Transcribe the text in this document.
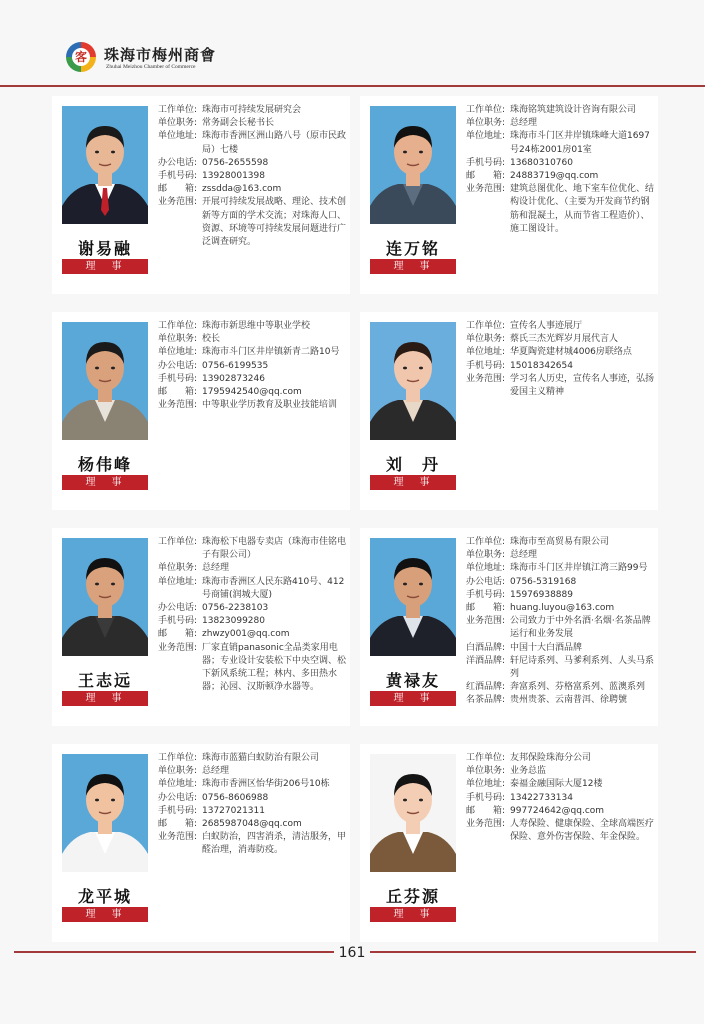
客 珠海市梅州商會
Zhuhai Meizhou Chamber of Commerce
谢易融
理　事
工作单位: 珠海市可持续发展研究会
单位职务: 常务副会长秘书长
单位地址: 珠海市香洲区洲山路八号（原市民政局）七楼
办公电话: 0756-2655598
手机号码: 13928001398
邮　　箱: zssdda@163.com
业务范围: 开展可持续发展战略、理论、技术创新等方面的学术交流；对珠海人口、资源、环境等可持续发展问题进行广泛调查研究。	连万铭
理　事
工作单位: 珠海铭筑建筑设计咨询有限公司
单位职务: 总经理
单位地址: 珠海市斗门区井岸镇珠峰大道1697号24栋2001房01室
手机号码: 13680310760
邮　　箱: 24883719@qq.com
业务范围: 建筑总图优化、地下室车位优化、结构设计优化、（主要为开发商节约钢筋和混凝土，从而节省工程造价）、施工图设计。
杨伟峰
理　事
工作单位: 珠海市新思维中等职业学校
单位职务: 校长
单位地址: 珠海市斗门区井岸镇新青二路10号
办公电话: 0756-6199535
手机号码: 13902873246
邮　　箱: 1795942540@qq.com
业务范围: 中等职业学历教育及职业技能培训
刘　丹
理　事
工作单位: 宣传名人事迹展厅
单位职务: 蔡氏三杰光辉岁月展代言人
单位地址: 华夏陶瓷建材城4006房联络点
手机号码: 15018342654
业务范围: 学习名人历史，宣传名人事迹，弘扬爱国主义精神
王志远
理　事
工作单位: 珠海松下电器专卖店（珠海市佳铭电子有限公司）
单位职务: 总经理
单位地址: 珠海市香洲区人民东路410号、412号商铺(润城大厦)
办公电话: 0756-2238103
手机号码: 13823099280
邮　　箱: zhwzy001@qq.com
业务范围: 厂家直销panasonic全品类家用电器；专业设计安装松下中央空调、松下新风系统工程；林内、多田热水器；沁园、汉斯顿净水器等。	黄禄友
理　事
工作单位: 珠海市至高贸易有限公司
单位职务: 总经理
单位地址: 珠海市斗门区井岸镇江湾三路99号
办公电话: 0756-5319168
手机号码: 15976938889
邮　　箱: huang.luyou@163.com
业务范围: 公司致力于中外名酒·名烟·名茶品牌运行和业务发展
白酒品牌: 中国十大白酒品牌
洋酒品牌: 轩尼诗系列、马爹利系列、人头马系列
红酒品牌: 奔富系列、芬格富系列、蓝澳系列
名茶品牌: 贵州贵茶、云南普洱、徐聘號
龙平城
理　事
工作单位: 珠海市蓝猫白蚁防治有限公司
单位职务: 总经理
单位地址: 珠海市香洲区怡华街206号10栋
办公电话: 0756-8606988
手机号码: 13727021311
邮　　箱: 2685987048@qq.com
业务范围: 白蚁防治，四害消杀，清洁服务，甲醛治理，消毒防疫。
丘芬源
理　事
工作单位: 友邦保险珠海分公司
单位职务: 业务总监
单位地址: 泰福金融国际大厦12楼
手机号码: 13422733134
邮　　箱: 997724642@qq.com
业务范围: 人寿保险、健康保险、全球高端医疗保险、意外伤害保险、年金保险。
161
